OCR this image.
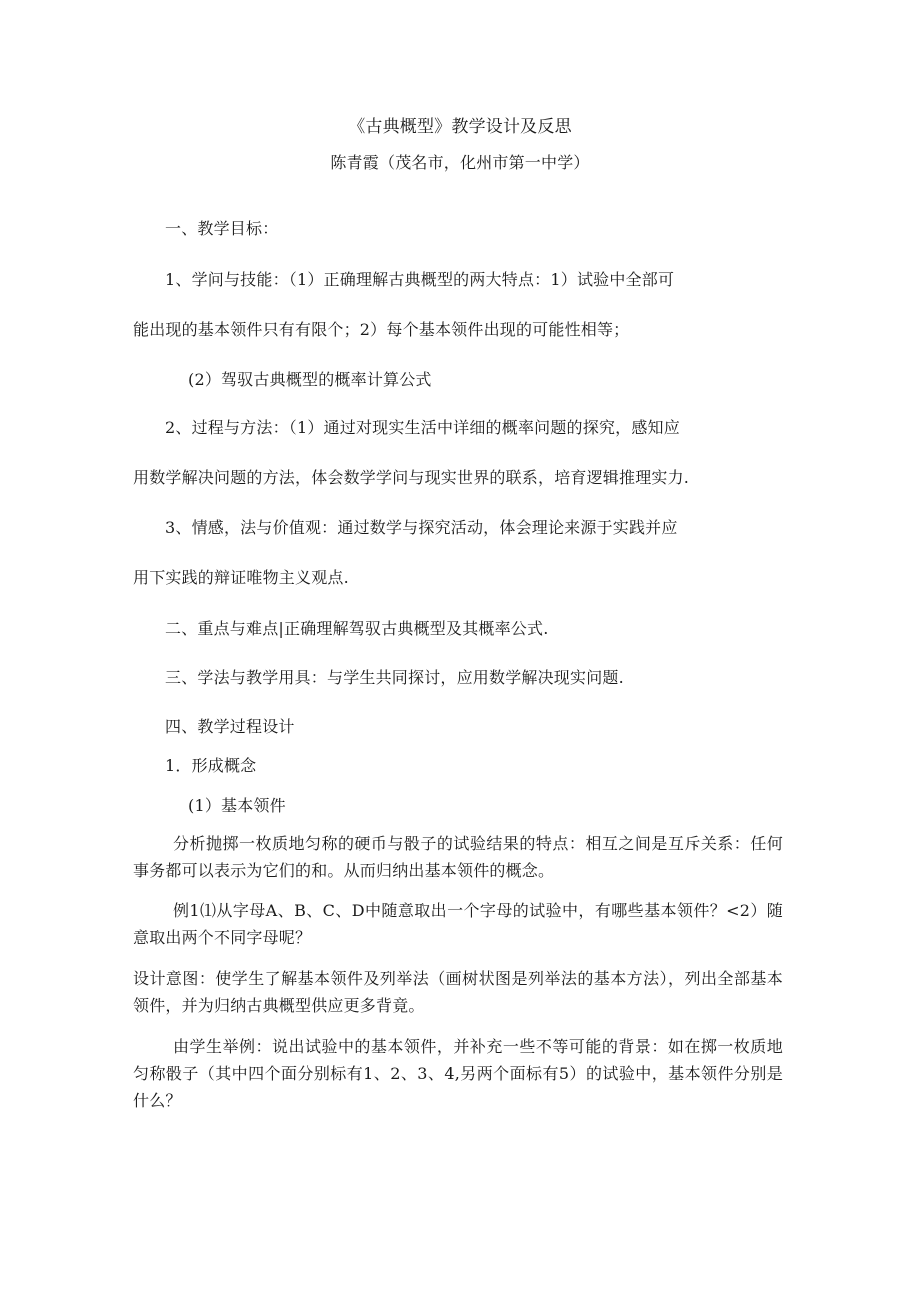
《古典概型》教学设计及反思
陈青霞（茂名市，化州市第一中学）
一、教学目标：
1、学问与技能：（1）正确理解古典概型的两大特点：1）试验中全部可
能出现的基本领件只有有限个；2）每个基本领件出现的可能性相等；
(2）驾驭古典概型的概率计算公式
2、过程与方法：（1）通过对现实生活中详细的概率问题的探究，感知应
用数学解决问题的方法，体会数学学问与现实世界的联系，培育逻辑推理实力.
3、情感，法与价值观：通过数学与探究活动，体会理论来源于实践并应
用下实践的辩证唯物主义观点.
二、重点与难点|正确理解驾驭古典概型及其概率公式.
三、学法与教学用具：与学生共同探讨，应用数学解决现实问题.
四、教学过程设计
1．形成概念
(1）基本领件
分析抛掷一枚质地匀称的硬币与骰子的试验结果的特点：相互之间是互斥关系：任何事务都可以表示为它们的和。从而归纳出基本领件的概念。
例1⑴从字母A、B、C、D中随意取出一个字母的试验中，有哪些基本领件？<2）随意取出两个不同字母呢？
设计意图：使学生了解基本领件及列举法（画树状图是列举法的基本方法），列出全部基本领件，并为归纳古典概型供应更多背竟。
由学生举例：说出试验中的基本领件，并补充一些不等可能的背景：如在掷一枚质地匀称骰子（其中四个面分别标有1、2、3、4,另两个面标有5）的试验中，基本领件分别是什么？
